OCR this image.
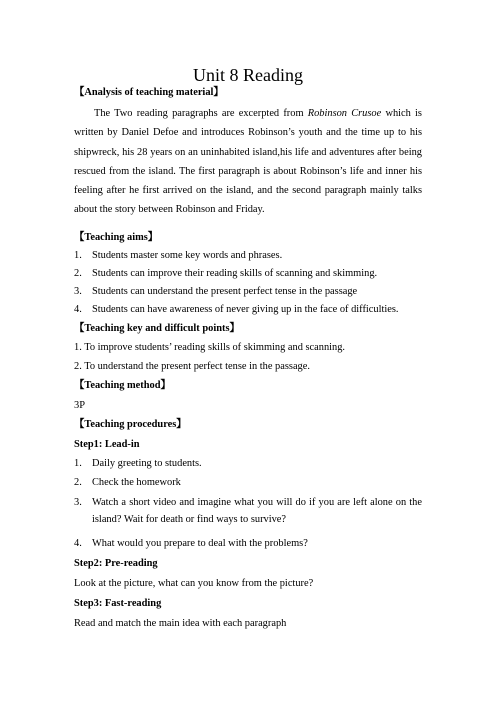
Unit 8 Reading
【Analysis of teaching material】
The Two reading paragraphs are excerpted from Robinson Crusoe which is written by Daniel Defoe and introduces Robinson’s youth and the time up to his shipwreck, his 28 years on an uninhabited island,his life and adventures after being rescued from the island. The first paragraph is about Robinson’s life and inner his feeling after he first arrived on the island, and the second paragraph mainly talks about the story between Robinson and Friday.
【Teaching aims】
1. Students master some key words and phrases.
2. Students can improve their reading skills of scanning and skimming.
3. Students can understand the present perfect tense in the passage
4. Students can have awareness of never giving up in the face of difficulties.
【Teaching key and difficult points】
1. To improve students’ reading skills of skimming and scanning.
2. To understand the present perfect tense in the passage.
【Teaching method】
3P
【Teaching procedures】
Step1: Lead-in
1. Daily greeting to students.
2. Check the homework
3. Watch a short video and imagine what you will do if you are left alone on the island? Wait for death or find ways to survive?
4. What would you prepare to deal with the problems?
Step2: Pre-reading
Look at the picture, what can you know from the picture?
Step3: Fast-reading
Read and match the main idea with each paragraph
